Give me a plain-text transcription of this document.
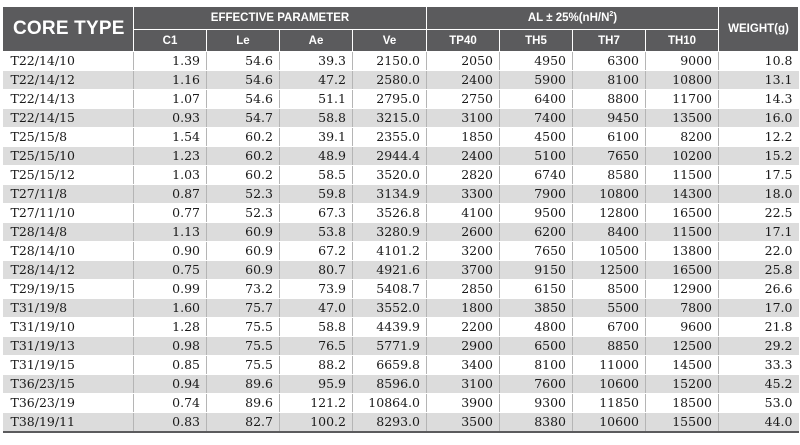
CORE TYPE	EFFECTIVE PARAMETER				AL ± $25\%(nH/N^2)$				WEIGHT(g)
	C1	Le	Ae	Ve	TP40	TH5	TH7	TH10	
T22/14/10	1.39	54.6	39.3	2150.0	2050	4950	6300	9000	10.8
T22/14/12	1.16	54.6	47.2	2580.0	2400	5900	8100	10800	13.1
T22/14/13	1.07	54.6	51.1	2795.0	2750	6400	8800	11700	14.3
T22/14/15	0.93	54.7	58.8	3215.0	3100	7400	9450	13500	16.0
T25/15/8	1.54	60.2	39.1	2355.0	1850	4500	6100	8200	12.2
T25/15/10	1.23	60.2	48.9	2944.4	2400	5100	7650	10200	15.2
T25/15/12	1.03	60.2	58.5	3520.0	2820	6740	8580	11500	17.5
T27/11/8	0.87	52.3	59.8	3134.9	3300	7900	10800	14300	18.0
T27/11/10	0.77	52.3	67.3	3526.8	4100	9500	12800	16500	22.5
T28/14/8	1.13	60.9	53.8	3280.9	2600	6200	8400	11500	17.1
T28/14/10	0.90	60.9	67.2	4101.2	3200	7650	10500	13800	22.0
T28/14/12	0.75	60.9	80.7	4921.6	3700	9150	12500	16500	25.8
T29/19/15	0.99	73.2	73.9	5408.7	2850	6150	8500	12900	26.6
T31/19/8	1.60	75.7	47.0	3552.0	1800	3850	5500	7800	17.0
T31/19/10	1.28	75.5	58.8	4439.9	2200	4800	6700	9600	21.8
T31/19/13	0.98	75.5	76.5	5771.9	2900	6500	8850	12500	29.2
T31/19/15	0.85	75.5	88.2	6659.8	3400	8100	11000	14500	33.3
T36/23/15	0.94	89.6	95.9	8596.0	3100	7600	10600	15200	45.2
T36/23/19	0.74	89.6	121.2	10864.0	3900	9300	11850	18500	53.0
T38/19/11	0.83	82.7	100.2	8293.0	3500	8380	10600	15500	44.0
